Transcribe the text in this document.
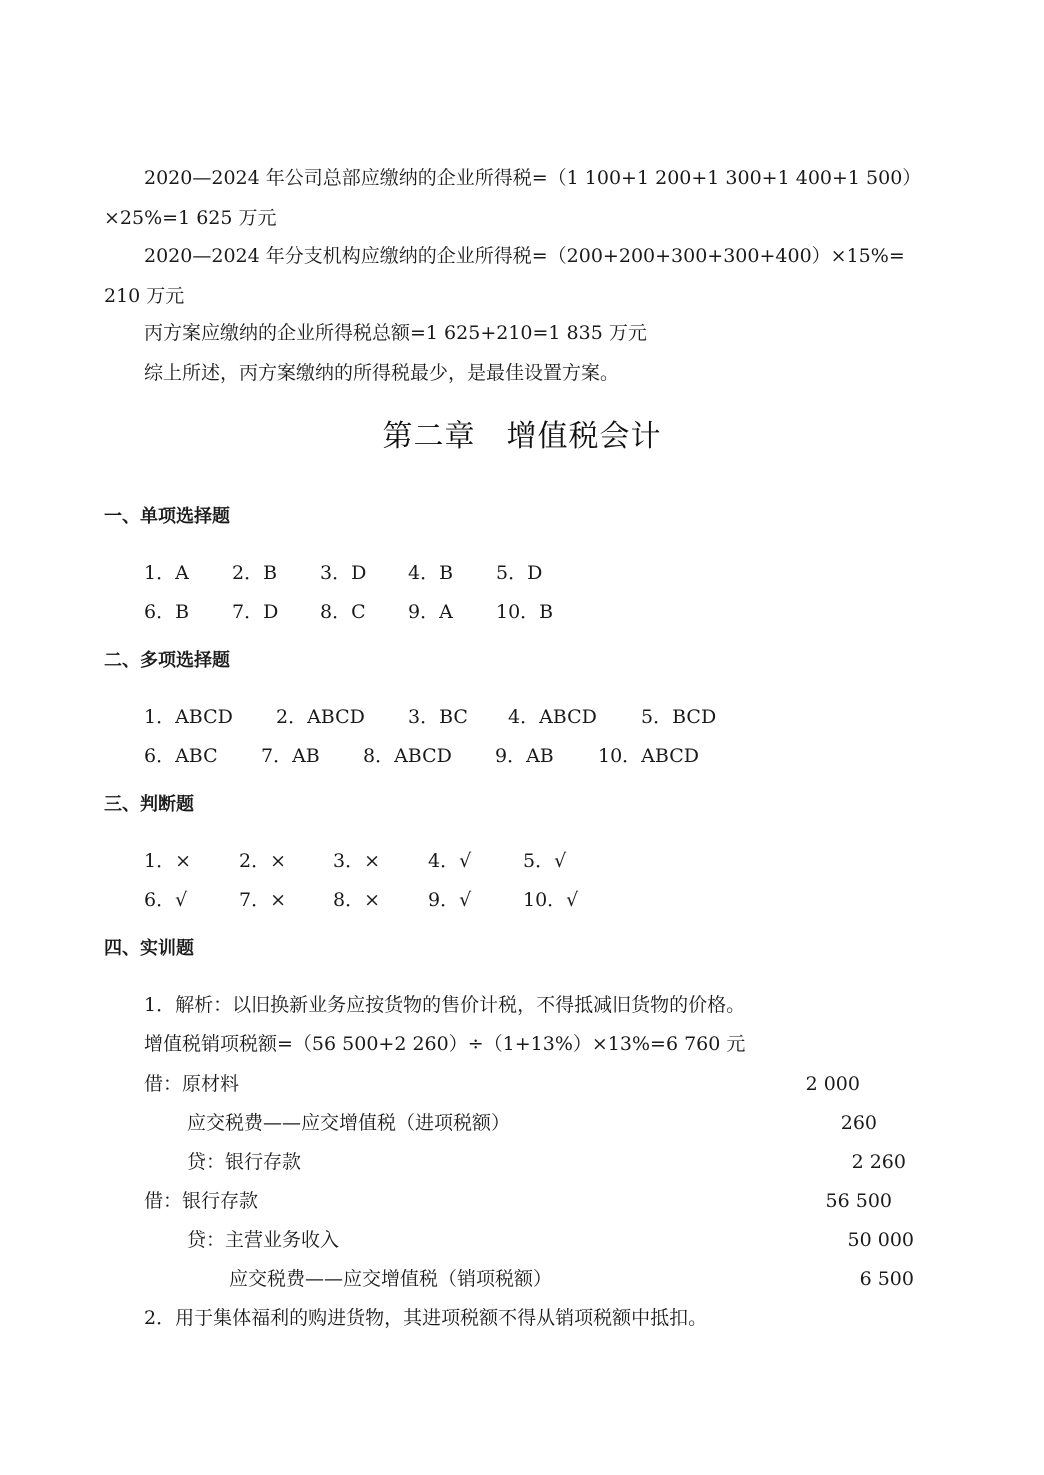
2020—2024 年公司总部应缴纳的企业所得税=（1 100+1 200+1 300+1 400+1 500）×25%=1 625 万元
2020—2024 年分支机构应缴纳的企业所得税=（200+200+300+300+400）×15%=210 万元
丙方案应缴纳的企业所得税总额=1 625+210=1 835 万元
综上所述，丙方案缴纳的所得税最少，是最佳设置方案。
第二章　增值税会计
一、单项选择题
1．A 2．B 3．D 4．B 5．D
6．B 7．D 8．C 9．A 10．B
二、多项选择题
1．ABCD 2．ABCD 3．BC 4．ABCD 5．BCD
6．ABC 7．AB 8．ABCD 9．AB 10．ABCD
三、判断题
1．×	2．× 3．×	4．√	5．√
6．√	7．× 8．×	9．√	10．√
四、实训题
1．解析：以旧换新业务应按货物的售价计税，不得抵减旧货物的价格。
增值税销项税额=（56 500+2 260）÷（1+13%）×13%=6 760 元
借：原材料	2 000
应交税费——应交增值税（进项税额）	260
贷：银行存款	2 260
借：银行存款	56 500
贷：主营业务收入	50 000
应交税费——应交增值税（销项税额）	6 500
2．用于集体福利的购进货物，其进项税额不得从销项税额中抵扣。
